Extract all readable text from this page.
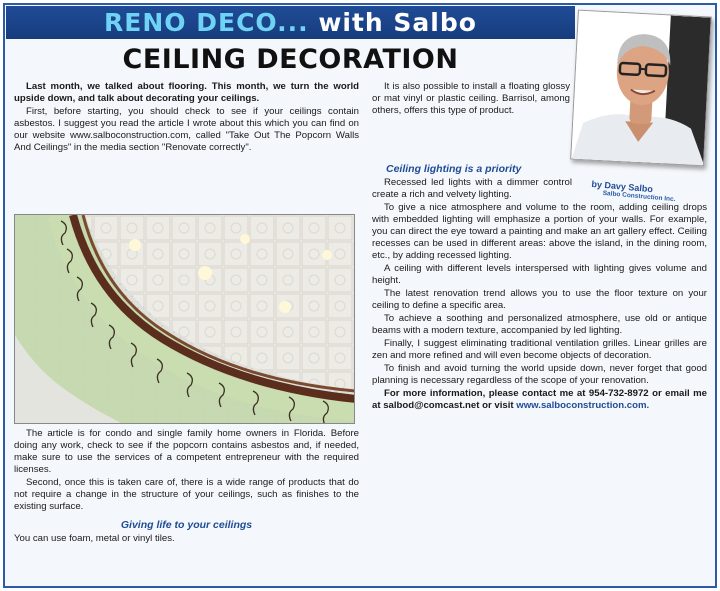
RENO DECO... with Salbo
CEILING DECORATION
by Davy Salbo
Salbo Construction Inc.

Last month, we talked about flooring. This month, we turn the world upside down, and talk about decorating your ceilings.

First, before starting, you should check to see if your ceilings contain asbestos. I suggest you read the article I wrote about this which you can find on our website www.salboconstruction.com, called "Take Out The Popcorn Walls And Ceilings" in the media section "Renovate correctly".

The article is for condo and single family home owners in Florida. Before doing any work, check to see if the popcorn contains asbestos and, if needed, make sure to use the services of a competent entrepreneur with the required licenses.

Second, once this is taken care of, there is a wide range of products that do not require a change in the structure of your ceilings, such as finishes to the existing surface.

Giving life to your ceilings

You can use foam, metal or vinyl tiles.

It is also possible to install a floating glossy or mat vinyl or plastic ceiling. Barrisol, among others, offers this type of product.

Ceiling lighting is a priority

Recessed led lights with a dimmer control create a rich and velvety lighting.

To give a nice atmosphere and volume to the room, adding ceiling drops with embedded lighting will emphasize a portion of your walls. For example, you can direct the eye toward a painting and make an art gallery effect. Ceiling recesses can be used in different areas: above the island, in the dining room, etc., by adding recessed lighting.

A ceiling with different levels interspersed with lighting gives volume and height.

The latest renovation trend allows you to use the floor texture on your ceiling to define a specific area.

To achieve a soothing and personalized atmosphere, use old or antique beams with a modern texture, accompanied by led lighting.

Finally, I suggest eliminating traditional ventilation grilles. Linear grilles are zen and more refined and will even become objects of decoration.

To finish and avoid turning the world upside down, never forget that good planning is necessary regardless of the scope of your renovation.

For more information, please contact me at 954-732-8972 or email me at salbod@comcast.net or visit www.salboconstruction.com.
